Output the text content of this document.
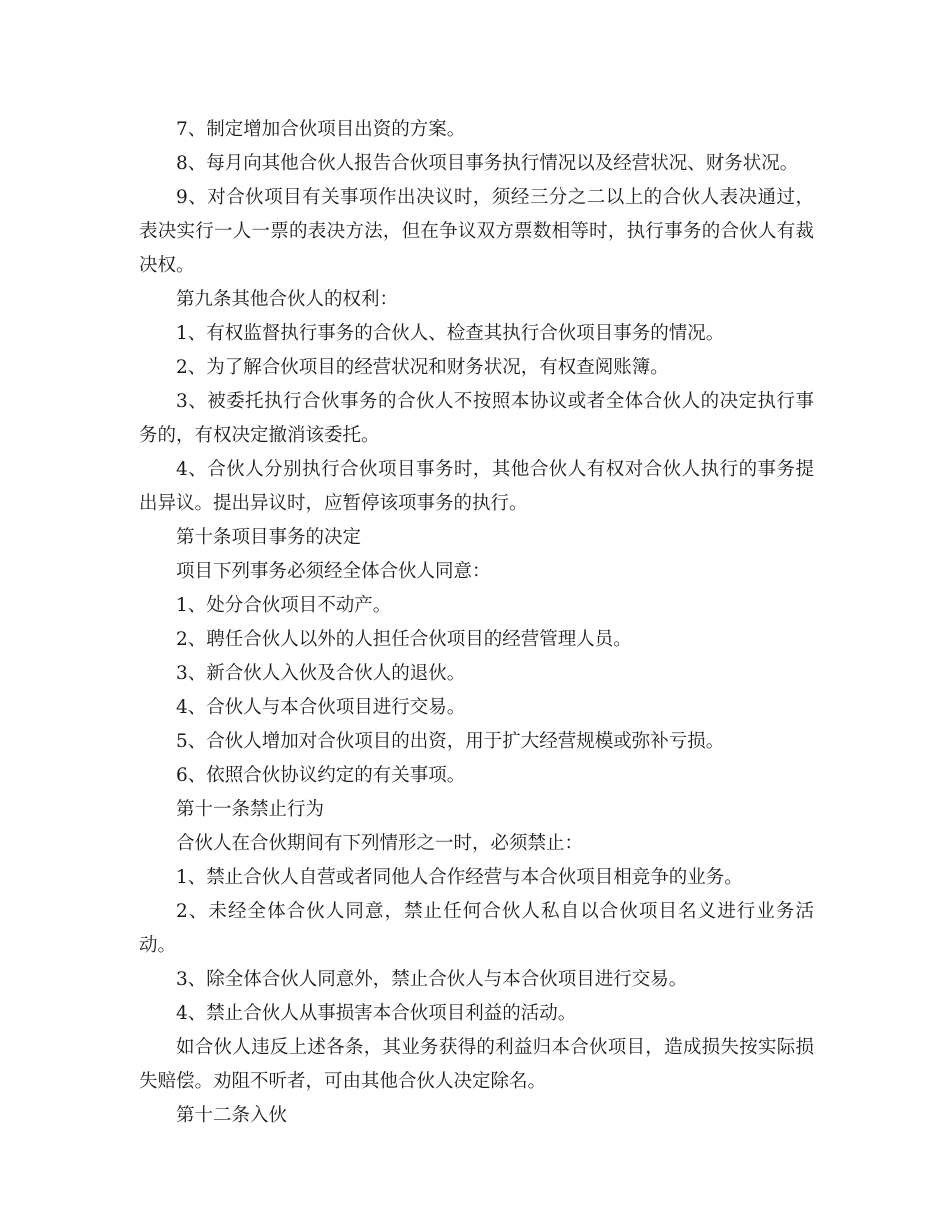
7、制定增加合伙项目出资的方案。

8、每月向其他合伙人报告合伙项目事务执行情况以及经营状况、财务状况。

9、对合伙项目有关事项作出决议时，须经三分之二以上的合伙人表决通过，表决实行一人一票的表决方法，但在争议双方票数相等时，执行事务的合伙人有裁决权。

第九条其他合伙人的权利：

1、有权监督执行事务的合伙人、检查其执行合伙项目事务的情况。

2、为了解合伙项目的经营状况和财务状况，有权查阅账簿。

3、被委托执行合伙事务的合伙人不按照本协议或者全体合伙人的决定执行事务的，有权决定撤消该委托。

4、合伙人分别执行合伙项目事务时，其他合伙人有权对合伙人执行的事务提出异议。提出异议时，应暂停该项事务的执行。

第十条项目事务的决定

项目下列事务必须经全体合伙人同意：

1、处分合伙项目不动产。

2、聘任合伙人以外的人担任合伙项目的经营管理人员。

3、新合伙人入伙及合伙人的退伙。

4、合伙人与本合伙项目进行交易。

5、合伙人增加对合伙项目的出资，用于扩大经营规模或弥补亏损。

6、依照合伙协议约定的有关事项。

第十一条禁止行为

合伙人在合伙期间有下列情形之一时，必须禁止：

1、禁止合伙人自营或者同他人合作经营与本合伙项目相竞争的业务。

2、未经全体合伙人同意，禁止任何合伙人私自以合伙项目名义进行业务活动。

3、除全体合伙人同意外，禁止合伙人与本合伙项目进行交易。

4、禁止合伙人从事损害本合伙项目利益的活动。

如合伙人违反上述各条，其业务获得的利益归本合伙项目，造成损失按实际损失赔偿。劝阻不听者，可由其他合伙人决定除名。

第十二条入伙
